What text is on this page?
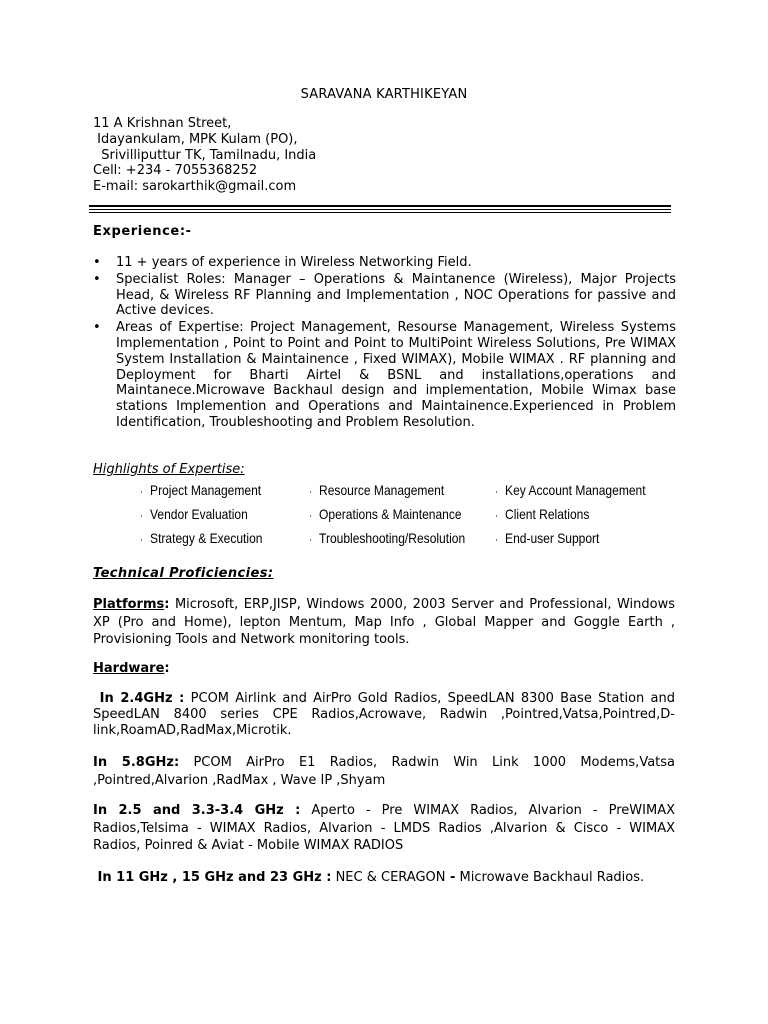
SARAVANA KARTHIKEYAN
11 A Krishnan Street,
Idayankulam, MPK Kulam (PO),
Srivilliputtur TK, Tamilnadu, India
Cell: +234 - 7055368252
E-mail: sarokarthik@gmail.com
Experience:-
• 11 + years of experience in Wireless Networking Field.
• Specialist Roles: Manager – Operations & Maintanence (Wireless), Major Projects Head, & Wireless RF Planning and Implementation , NOC Operations for passive and Active devices.
• Areas of Expertise: Project Management, Resourse Management, Wireless Systems Implementation , Point to Point and Point to MultiPoint Wireless Solutions, Pre WIMAX System Installation & Maintainence , Fixed WIMAX), Mobile WIMAX . RF planning and Deployment for Bharti Airtel & BSNL and installations,operations and Maintanece.Microwave Backhaul design and implementation, Mobile Wimax base stations Implemention and Operations and Maintainence.Experienced in Problem Identification, Troubleshooting and Problem Resolution.
Highlights of Expertise:
· Project Management
· Vendor Evaluation
· Strategy & Execution
· Resource Management
· Operations & Maintenance
· Troubleshooting/Resolution
· Key Account Management
· Client Relations
· End-user Support
Technical Proficiencies:
Platforms: Microsoft, ERP,JISP, Windows 2000, 2003 Server and Professional, Windows XP (Pro and Home), lepton Mentum, Map Info , Global Mapper and Goggle Earth , Provisioning Tools and Network monitoring tools.
Hardware:
In 2.4GHz : PCOM Airlink and AirPro Gold Radios, SpeedLAN 8300 Base Station and SpeedLAN 8400 series CPE Radios,Acrowave, Radwin ,Pointred,Vatsa,Pointred,D-link,RoamAD,RadMax,Microtik.
In 5.8GHz: PCOM AirPro E1 Radios, Radwin Win Link 1000 Modems,Vatsa ,Pointred,Alvarion ,RadMax , Wave IP ,Shyam
In 2.5 and 3.3-3.4 GHz : Aperto - Pre WIMAX Radios, Alvarion - PreWIMAX Radios,Telsima - WIMAX Radios, Alvarion - LMDS Radios ,Alvarion & Cisco - WIMAX Radios, Poinred & Aviat - Mobile WIMAX RADIOS
In 11 GHz , 15 GHz and 23 GHz : NEC & CERAGON - Microwave Backhaul Radios.
